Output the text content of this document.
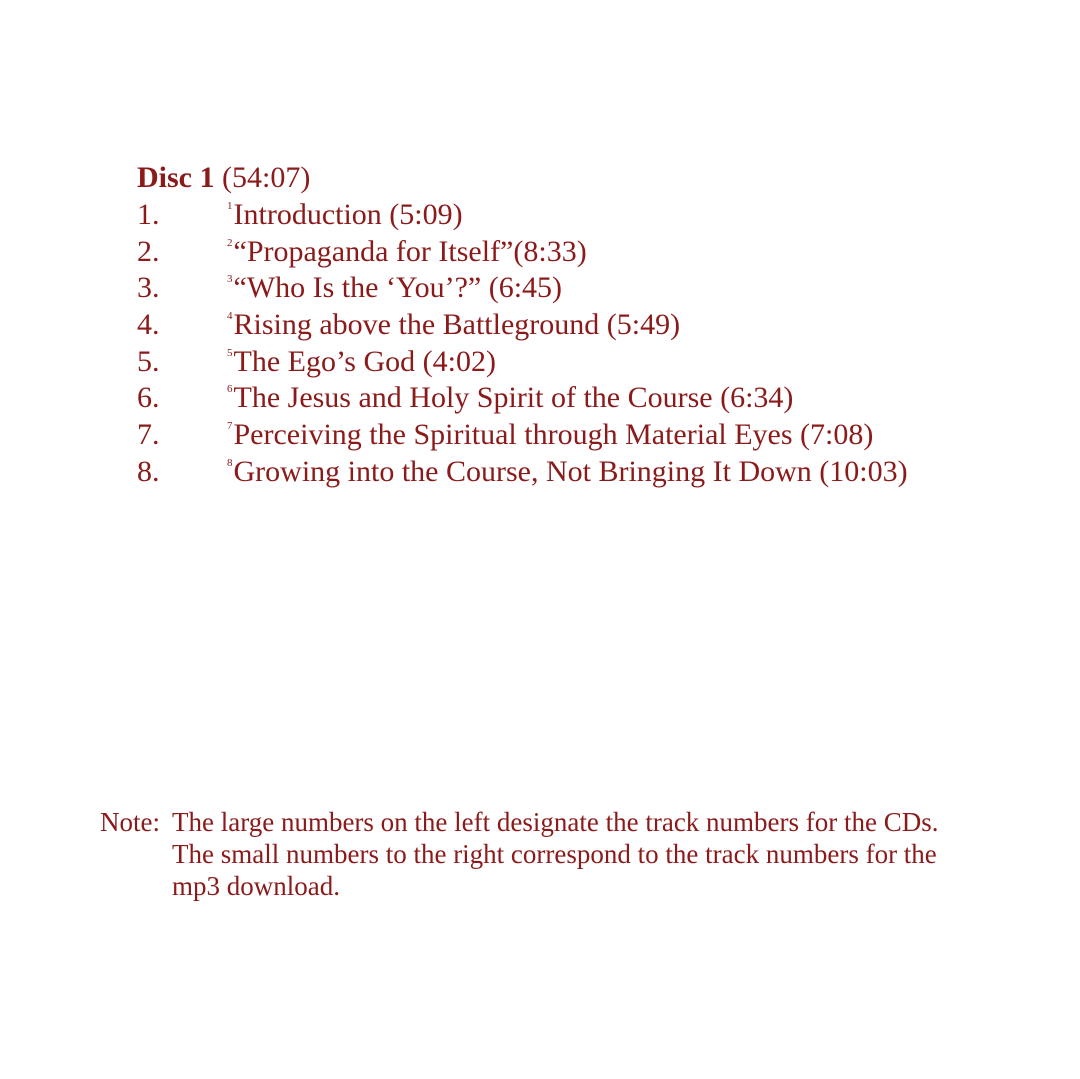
Disc 1 (54:07)
1.	$^1$Introduction (5:09)
2.	$^2$“Propaganda for Itself”(8:33)
3.	$^3$“Who Is the ‘You’?” (6:45)
4.	$^4$Rising above the Battleground (5:49)
5.	$^5$The Ego’s God (4:02)
6.	$^6$The Jesus and Holy Spirit of the Course (6:34)
7.	$^7$Perceiving the Spiritual through Material Eyes (7:08)
8.	$^8$Growing into the Course, Not Bringing It Down (10:03)
Note: The large numbers on the left designate the track numbers for the CDs.
The small numbers to the right correspond to the track numbers for the
mp3 download.
